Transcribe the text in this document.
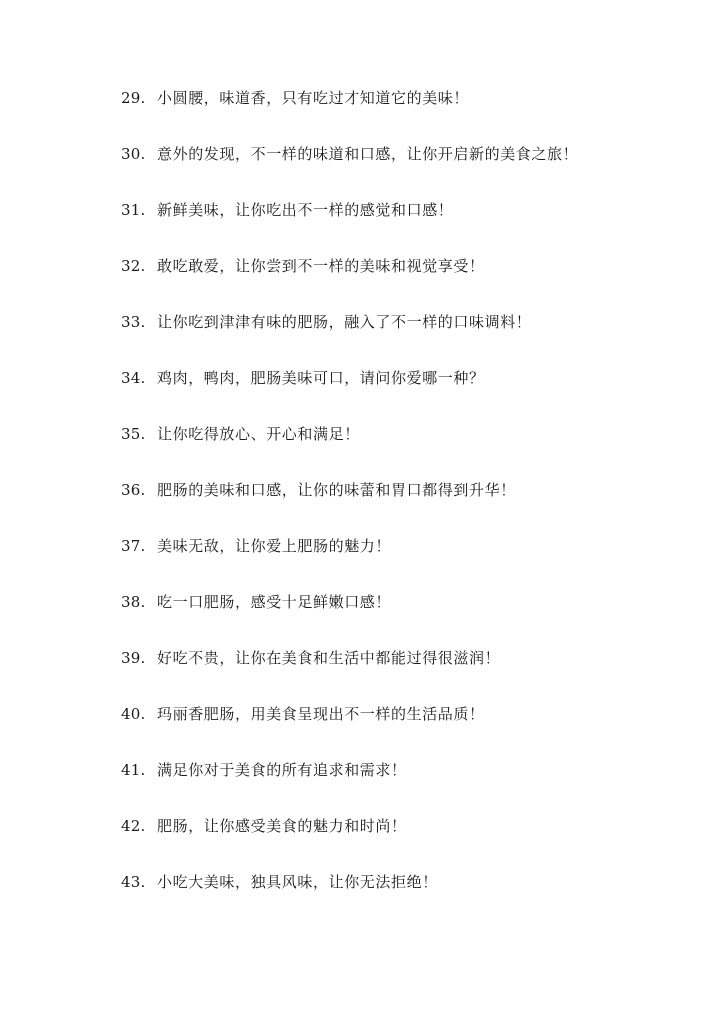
29. 小圆腰，味道香，只有吃过才知道它的美味！
30. 意外的发现，不一样的味道和口感，让你开启新的美食之旅！
31. 新鲜美味，让你吃出不一样的感觉和口感！
32. 敢吃敢爱，让你尝到不一样的美味和视觉享受！
33. 让你吃到津津有味的肥肠，融入了不一样的口味调料！
34. 鸡肉，鸭肉，肥肠美味可口，请问你爱哪一种？
35. 让你吃得放心、开心和满足！
36. 肥肠的美味和口感，让你的味蕾和胃口都得到升华！
37. 美味无敌，让你爱上肥肠的魅力！
38. 吃一口肥肠，感受十足鲜嫩口感！
39. 好吃不贵，让你在美食和生活中都能过得很滋润！
40. 玛丽香肥肠，用美食呈现出不一样的生活品质！
41. 满足你对于美食的所有追求和需求！
42. 肥肠，让你感受美食的魅力和时尚！
43. 小吃大美味，独具风味，让你无法拒绝！
